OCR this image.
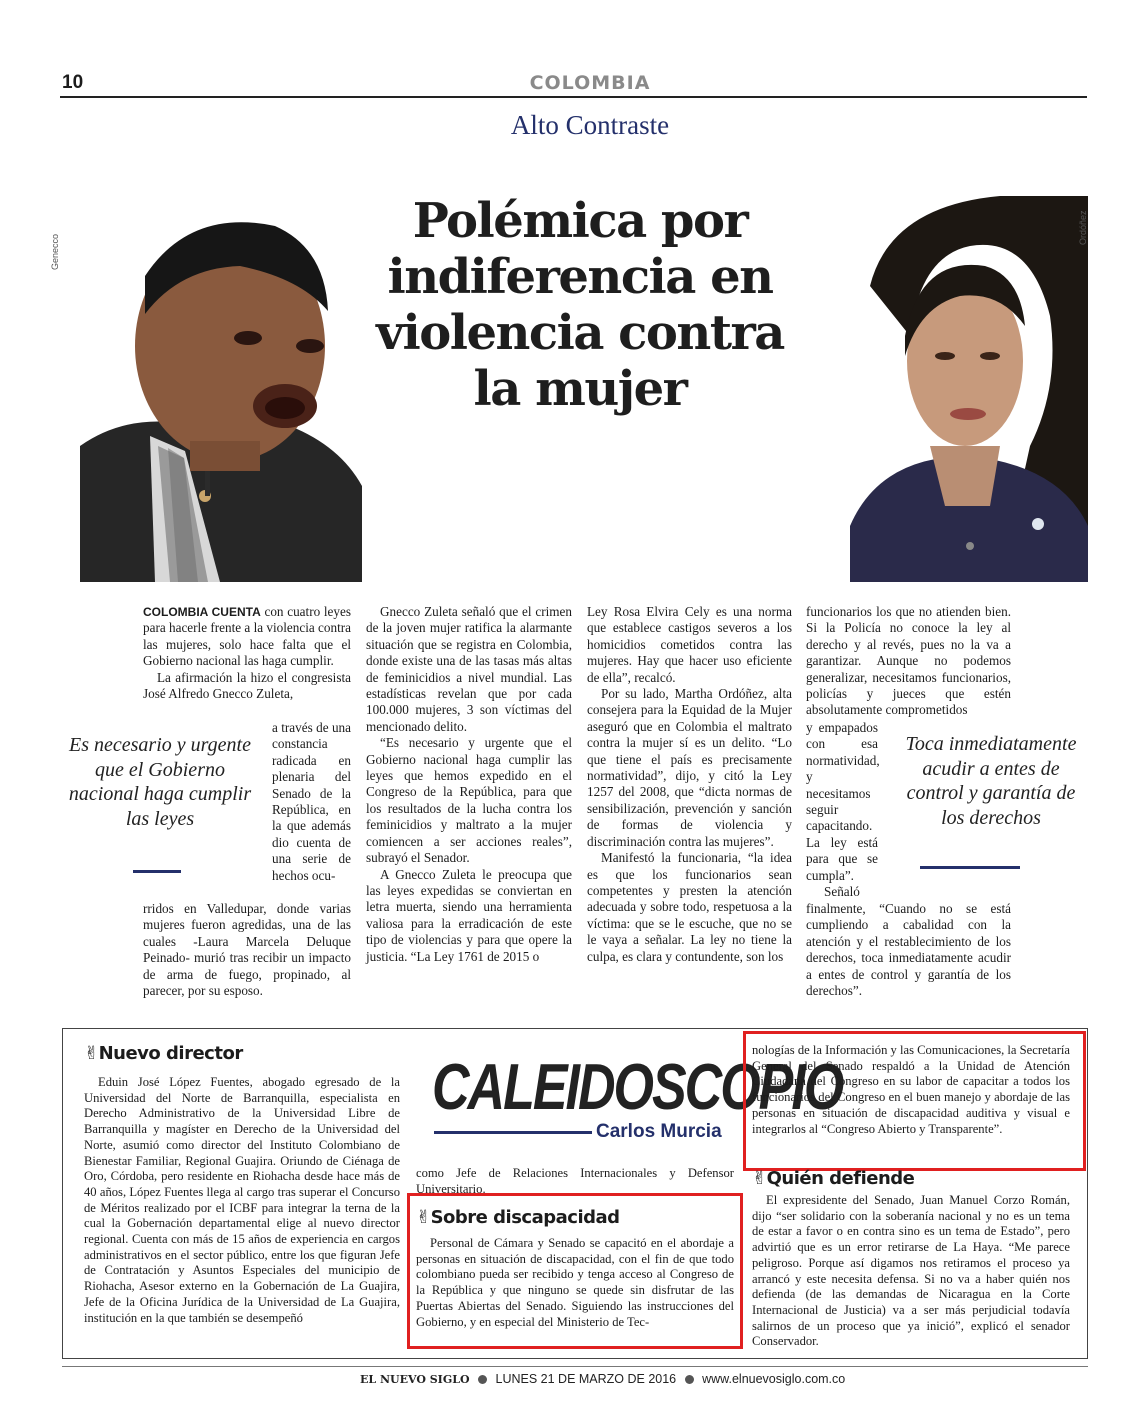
10	COLOMBIA
Alto Contraste
Polémica por
indiferencia en
violencia contra
la mujer
Genecco
Ordóñez

COLOMBIA CUENTA con cuatro leyes para hacerle frente a la violencia contra las mujeres, solo hace falta que el Gobierno nacional las haga cumplir.

La afirmación la hizo el congresista José Alfredo Gnecco Zuleta,

a través de una constancia radicada en plenaria del Senado de la República, en la que además dio cuenta de una serie de hechos ocu-

rridos en Valledupar, donde varias mujeres fueron agredidas, una de las cuales -Laura Marcela Deluque Peinado- murió tras recibir un impacto de arma de fuego, propinado, al parecer, por su esposo.

Es necesario y urgente que el Gobierno nacional haga cumplir las leyes

Gnecco Zuleta señaló que el crimen de la joven mujer ratifica la alarmante situación que se registra en Colombia, donde existe una de las tasas más altas de feminicidios a nivel mundial. Las estadísticas revelan que por cada 100.000 mujeres, 3 son víctimas del mencionado delito.

“Es necesario y urgente que el Gobierno nacional haga cumplir las leyes que hemos expedido en el Congreso de la República, para que los resultados de la lucha contra los feminicidios y maltrato a la mujer comiencen a ser acciones reales”, subrayó el Senador.

A Gnecco Zuleta le preocupa que las leyes expedidas se conviertan en letra muerta, siendo una herramienta valiosa para la erradicación de este tipo de violencias y para que opere la justicia. “La Ley 1761 de 2015 o

Ley Rosa Elvira Cely es una norma que establece castigos severos a los homicidios cometidos contra las mujeres. Hay que hacer uso eficiente de ella”, recalcó.

Por su lado, Martha Ordóñez, alta consejera para la Equidad de la Mujer aseguró que en Colombia el maltrato contra la mujer sí es un delito. “Lo que tiene el país es precisamente normatividad”, dijo, y citó la Ley 1257 del 2008, que “dicta normas de sensibilización, prevención y sanción de formas de violencia y discriminación contra las mujeres”.

Manifestó la funcionaria, “la idea es que los funcionarios sean competentes y presten la atención adecuada y sobre todo, respetuosa a la víctima: que se le escuche, que no se le vaya a señalar. La ley no tiene la culpa, es clara y contundente, son los

funcionarios los que no atienden bien. Si la Policía no conoce la ley al derecho y al revés, pues no la va a garantizar. Aunque no podemos generalizar, necesitamos funcionarios, policías y jueces que estén absolutamente comprometidos

y empapados con esa normatividad, y necesitamos seguir capacitando. La ley está para que se cumpla”.

Señaló

finalmente, “Cuando no se está cumpliendo a cabalidad con la atención y el restablecimiento de los derechos, toca inmediatamente acudir a entes de control y garantía de los derechos”.

Toca inmediatamente acudir a entes de control y garantía de los derechos
✌Nuevo director

Eduin José López Fuentes, abogado egresado de la Universidad del Norte de Barranquilla, especialista en Derecho Administrativo de la Universidad Libre de Barranquilla y magíster en Derecho de la Universidad del Norte, asumió como director del Instituto Colombiano de Bienestar Familiar, Regional Guajira. Oriundo de Ciénaga de Oro, Córdoba, pero residente en Riohacha desde hace más de 40 años, López Fuentes llega al cargo tras superar el Concurso de Méritos realizado por el ICBF para integrar la terna de la cual la Gobernación departamental elige al nuevo director regional. Cuenta con más de 15 años de experiencia en cargos administrativos en el sector público, entre los que figuran Jefe de Contratación y Asuntos Especiales del municipio de Riohacha, Asesor externo en la Gobernación de La Guajira, Jefe de la Oficina Jurídica de la Universidad de La Guajira, institución en la que también se desempeñó

CALEIDOSCOPIO
Carlos Murcia

como Jefe de Relaciones Internacionales y Defensor Universitario.

✌Sobre discapacidad

Personal de Cámara y Senado se capacitó en el abordaje a personas en situación de discapacidad, con el fin de que todo colombiano pueda ser recibido y tenga acceso al Congreso de la República y que ninguno se quede sin disfrutar de las Puertas Abiertas del Senado. Siguiendo las instrucciones del Gobierno, y en especial del Ministerio de Tec-

nologías de la Información y las Comunicaciones, la Secretaría General del Senado respaldó a la Unidad de Atención Ciudadana del Congreso en su labor de capacitar a todos los funcionarios del Congreso en el buen manejo y abordaje de las personas en situación de discapacidad auditiva y visual e integrarlos al “Congreso Abierto y Transparente”.

✌Quién defiende

El expresidente del Senado, Juan Manuel Corzo Román, dijo “ser solidario con la soberanía nacional y no es un tema de estar a favor o en contra sino es un tema de Estado”, pero advirtió que es un error retirarse de La Haya. “Me parece peligroso. Porque así digamos nos retiramos el proceso ya arrancó y este necesita defensa. Si no va a haber quién nos defienda (de las demandas de Nicaragua en la Corte Internacional de Justicia) va a ser más perjudicial todavía salirnos de un proceso que ya inició”, explicó el senador Conservador.

EL NUEVO SIGLO LUNES 21 DE MARZO DE 2016 www.elnuevosiglo.com.co
